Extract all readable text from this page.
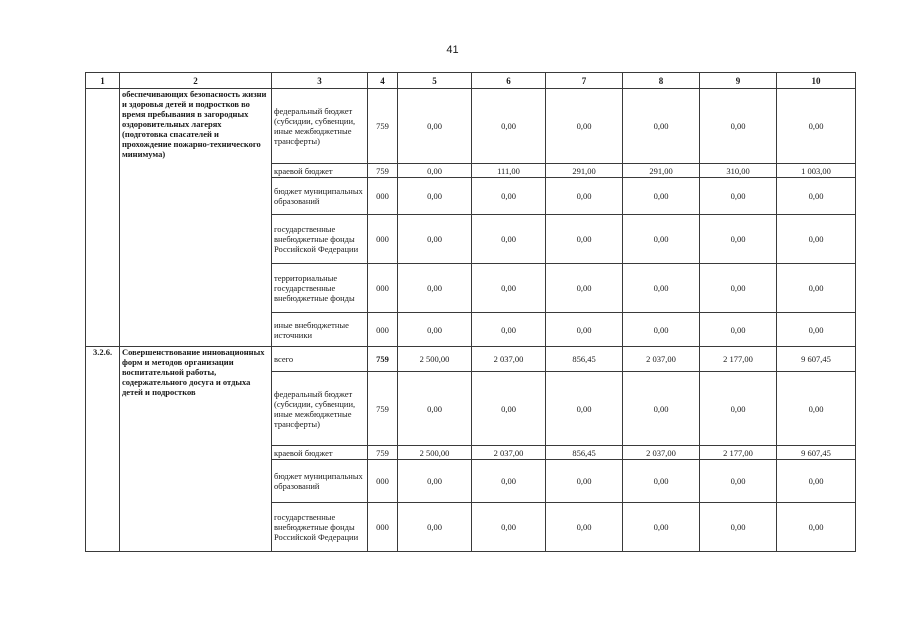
41
1	2	3	4	5	6	7	8	9	10
	обеспечивающих безопасность жизни и здоровья детей и подростков во время пребывания в загородных оздоровительных лагерях (подготовка спасателей и прохождение пожарно-технического минимума)	федеральный бюджет (субсидии, субвенции, иные межбюджетные трансферты)	759	0,00	0,00	0,00	0,00	0,00	0,00
		краевой бюджет	759	0,00	111,00	291,00	291,00	310,00	1 003,00
		бюджет муниципальных образований	000	0,00	0,00	0,00	0,00	0,00	0,00
		государственные внебюджетные фонды Российской Федерации	000	0,00	0,00	0,00	0,00	0,00	0,00
		территориальные государственные внебюджетные фонды	000	0,00	0,00	0,00	0,00	0,00	0,00
		иные внебюджетные источники	000	0,00	0,00	0,00	0,00	0,00	0,00
3.2.6.	Совершенствование инновационных форм и методов организации воспитательной работы, содержательного досуга и отдыха детей и подростков	всего	759	2 500,00	2 037,00	856,45	2 037,00	2 177,00	9 607,45
		федеральный бюджет (субсидии, субвенции, иные межбюджетные трансферты)	759	0,00	0,00	0,00	0,00	0,00	0,00
		краевой бюджет	759	2 500,00	2 037,00	856,45	2 037,00	2 177,00	9 607,45
		бюджет муниципальных образований	000	0,00	0,00	0,00	0,00	0,00	0,00
		государственные внебюджетные фонды Российской Федерации	000	0,00	0,00	0,00	0,00	0,00	0,00
